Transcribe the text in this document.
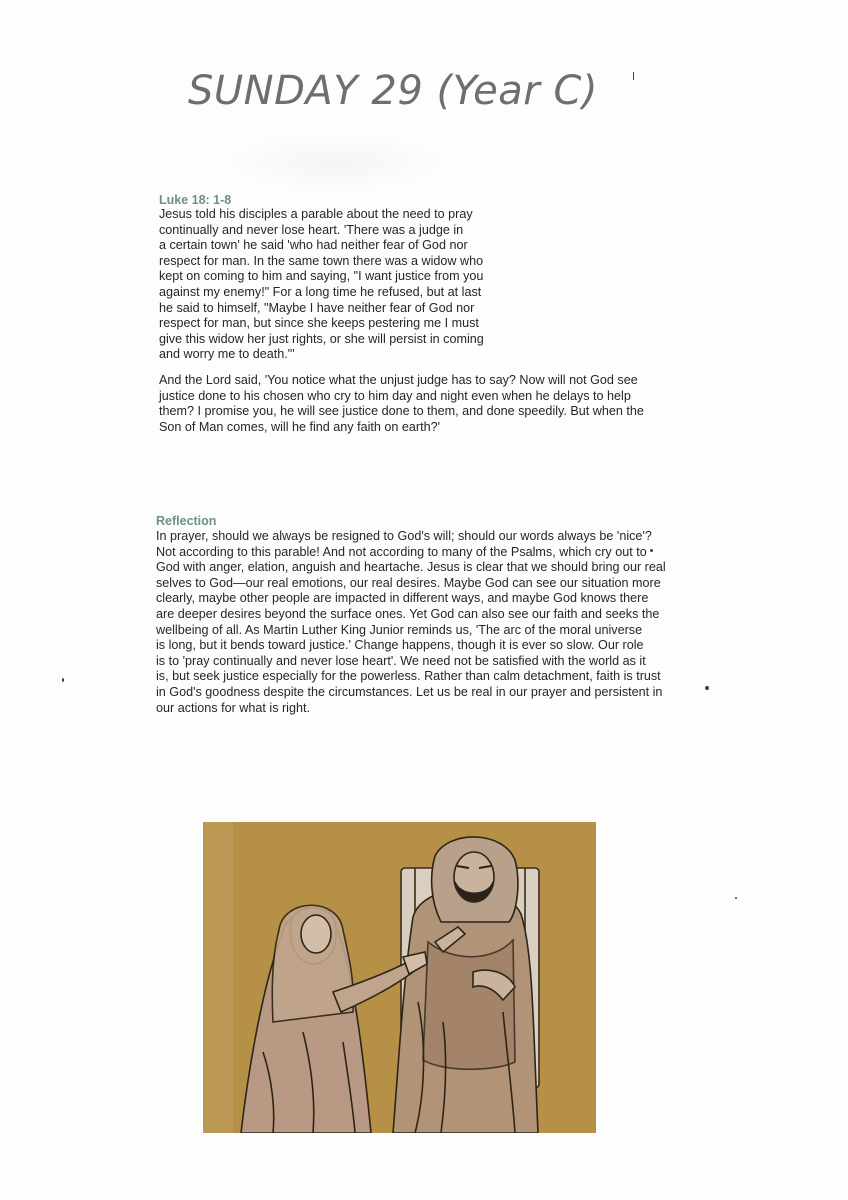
SUNDAY 29 (Year C)
Luke 18: 1-8
Jesus told his disciples a parable about the need to pray
continually and never lose heart. 'There was a judge in
a certain town' he said 'who had neither fear of God nor
respect for man. In the same town there was a widow who
kept on coming to him and saying, "I want justice from you
against my enemy!" For a long time he refused, but at last
he said to himself, "Maybe I have neither fear of God nor
respect for man, but since she keeps pestering me I must
give this widow her just rights, or she will persist in coming
and worry me to death."'
And the Lord said, 'You notice what the unjust judge has to say? Now will not God see
justice done to his chosen who cry to him day and night even when he delays to help
them? I promise you, he will see justice done to them, and done speedily. But when the
Son of Man comes, will he find any faith on earth?'
Reflection
In prayer, should we always be resigned to God's will; should our words always be 'nice'?
Not according to this parable! And not according to many of the Psalms, which cry out to
God with anger, elation, anguish and heartache. Jesus is clear that we should bring our real
selves to God—our real emotions, our real desires. Maybe God can see our situation more
clearly, maybe other people are impacted in different ways, and maybe God knows there
are deeper desires beyond the surface ones. Yet God can also see our faith and seeks the
wellbeing of all. As Martin Luther King Junior reminds us, 'The arc of the moral universe
is long, but it bends toward justice.' Change happens, though it is ever so slow. Our role
is to 'pray continually and never lose heart'. We need not be satisfied with the world as it
is, but seek justice especially for the powerless. Rather than calm detachment, faith is trust
in God's goodness despite the circumstances. Let us be real in our prayer and persistent in
our actions for what is right.
